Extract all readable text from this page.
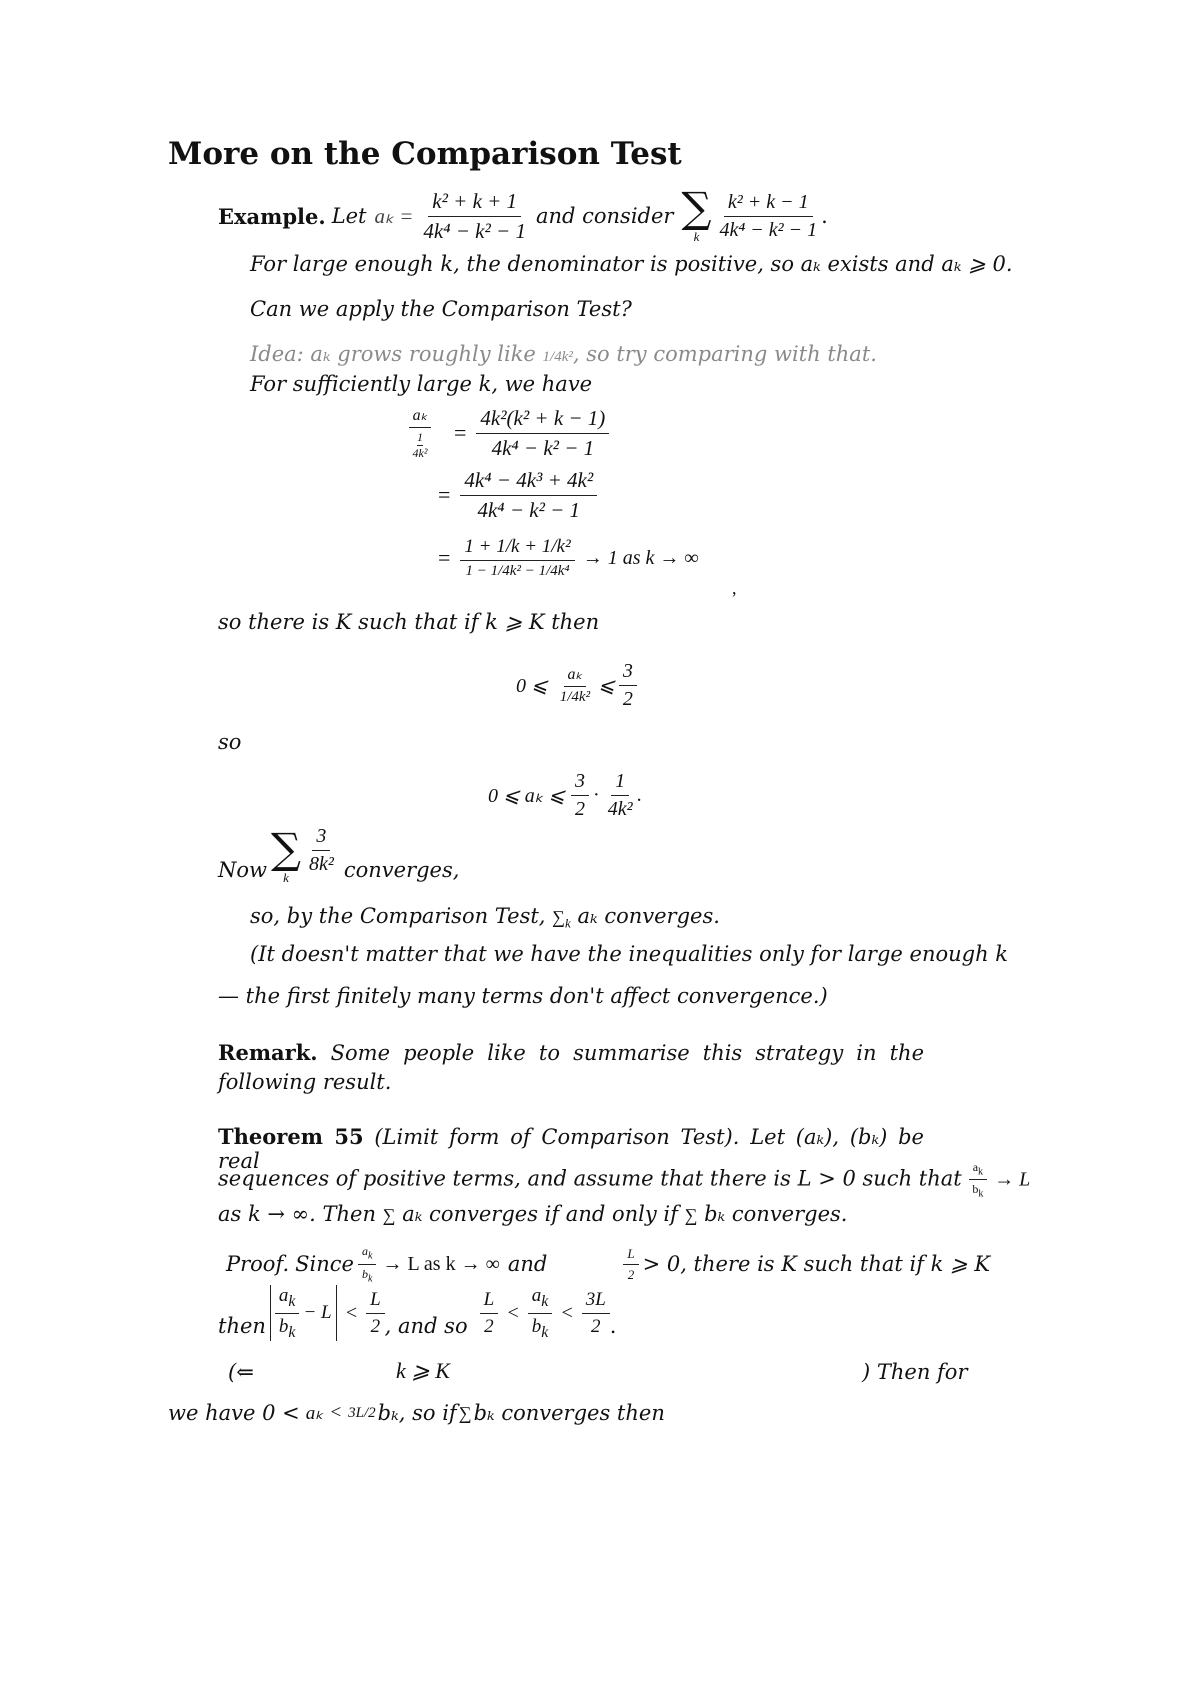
More on the Comparison Test
Example. Let $a_k = \frac{\text{k² + k + 1}}{\text{4k⁴ − k² − 1}}$ and consider ∑
k $\frac{\text{k² + k − 1}}{\text{4k⁴ − k² − 1}}$ .
For large enough k, the denominator is positive, so aₖ exists and aₖ ⩾ 0.
Can we apply the Comparison Test?
Idea: aₖ grows roughly like 1/4k², so try comparing with that.
For sufficiently large k, we have
$\frac{\text{aₖ}}{\frac{1}{\text{4k²}}} = \frac{\text{4k²(k² + k − 1)}}{\text{4k⁴ − k² − 1}}$
= $\frac{\text{4k⁴ − 4k³ + 4k²}}{\text{4k⁴ − k² − 1}}$
= $\frac{\text{1 + 1/k + 1/k²}}{\text{1 − 1/4k² − 1/4k⁴}} \to 1$ as k → ∞
,
so there is K such that if k ⩾ K then
0 ⩽ $\frac{\text{aₖ}}{\text{1/4k²}}$ ⩽ $\frac{3}{2}$
so
0 ⩽ aₖ ⩽ $\frac{3}{2} \cdot \frac{1}{\text{4k²}}$ .
Now ∑
k
$\frac{3}{\text{8k²}}$ converges,
so, by the Comparison Test, $\sum_k$ aₖ converges.
(It doesn't matter that we have the inequalities only for large enough k
— the first finitely many terms don't affect convergence.)
Remark. Some people like to summarise this strategy in the following result.
Theorem 55 (Limit form of Comparison Test). Let (aₖ), (bₖ) be real
sequences of positive terms, and assume that there is L > 0 such that $\frac{a_k}{b_k} \to L$
as k → ∞. Then ∑ aₖ converges if and only if ∑ bₖ converges.
Proof. Since $\frac{a_k}{b_k} \to L$ as k → ∞ and	$\frac{L}{2} > 0$, there is K such that if k ⩾ K
then $\frac{a_k}{b_k} - L < \frac{L}{2}$ , and so $\frac{L}{2} < \frac{a_k}{b_k} < \frac{3L}{2}$ .
(⇐	k ⩾ K	) Then for
we have 0 < aₖ < 3L/2 bₖ, so if ∑ bₖ converges then
